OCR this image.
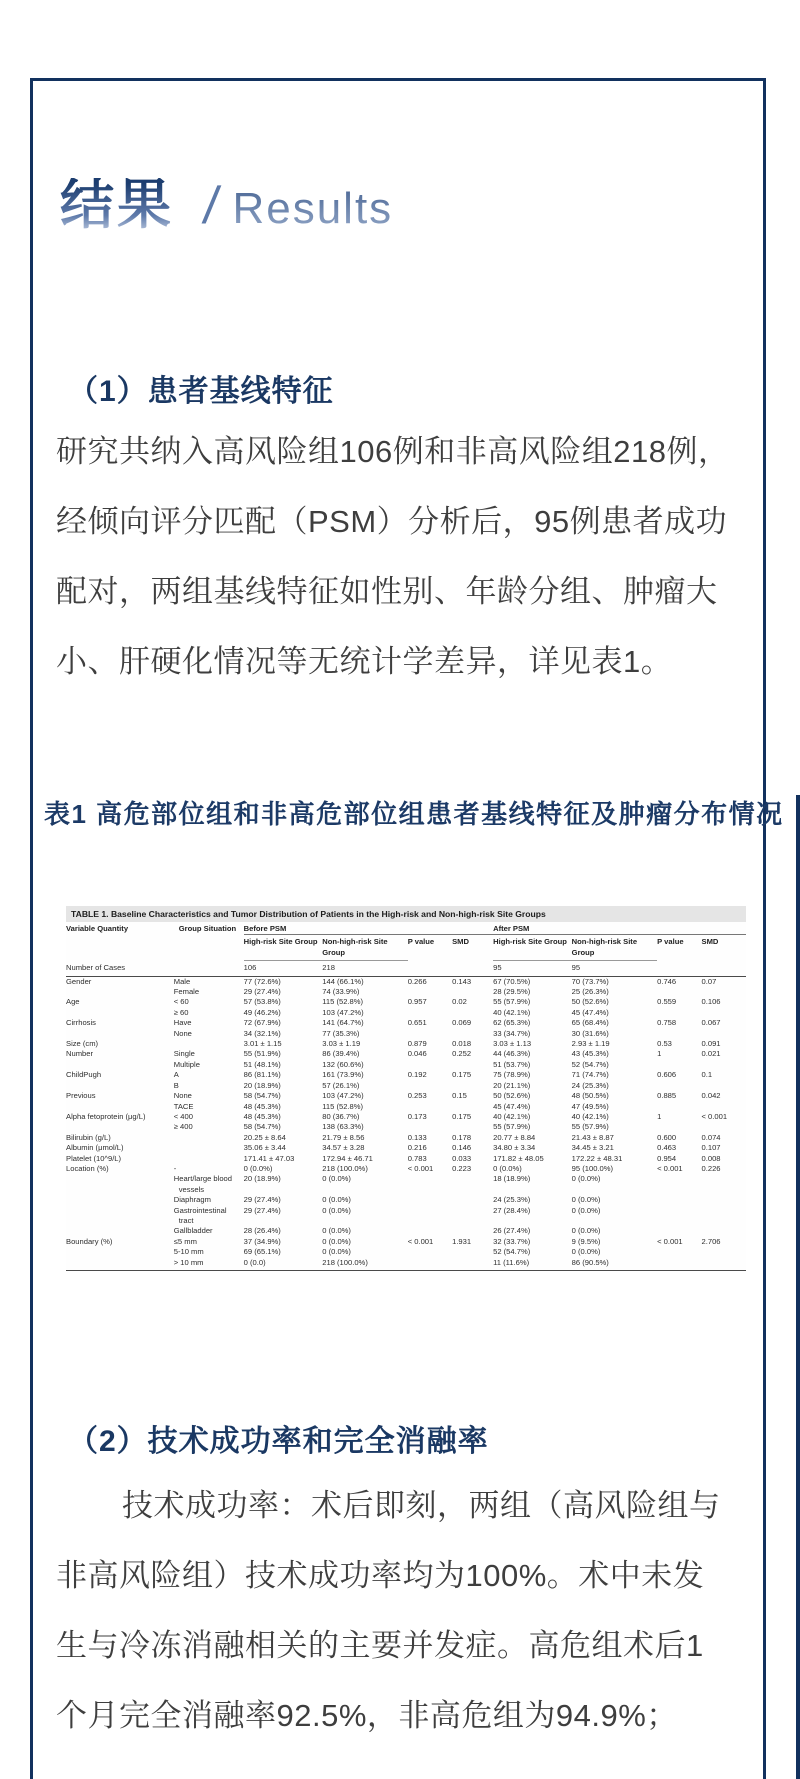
结果 / Results
（1）患者基线特征
研究共纳入高风险组106例和非高风险组218例，
经倾向评分匹配（PSM）分析后，95例患者成功
配对，两组基线特征如性别、年龄分组、肿瘤大
小、肝硬化情况等无统计学差异，详见表1。
表1 高危部位组和非高危部位组患者基线特征及肿瘤分布情况
TABLE 1. Baseline Characteristics and Tumor Distribution of Patients in the High-risk and Non-high-risk Site Groups
Variable Quantity	Group Situation	Before PSM				After PSM			
		High-risk Site Group	Non-high-risk Site Group	P value	SMD	High-risk Site Group	Non-high-risk Site Group	P value	SMD
Number of Cases		106	218			95	95		
Gender	Male	77 (72.6%)	144 (66.1%)	0.266	0.143	67 (70.5%)	70 (73.7%)	0.746	0.07
	Female	29 (27.4%)	74 (33.9%)			28 (29.5%)	25 (26.3%)		
Age	< 60	57 (53.8%)	115 (52.8%)	0.957	0.02	55 (57.9%)	50 (52.6%)	0.559	0.106
	≥ 60	49 (46.2%)	103 (47.2%)			40 (42.1%)	45 (47.4%)		
Cirrhosis	Have	72 (67.9%)	141 (64.7%)	0.651	0.069	62 (65.3%)	65 (68.4%)	0.758	0.067
	None	34 (32.1%)	77 (35.3%)			33 (34.7%)	30 (31.6%)		
Size (cm)		3.01 ± 1.15	3.03 ± 1.19	0.879	0.018	3.03 ± 1.13	2.93 ± 1.19	0.53	0.091
Number	Single	55 (51.9%)	86 (39.4%)	0.046	0.252	44 (46.3%)	43 (45.3%)	1	0.021
	Multiple	51 (48.1%)	132 (60.6%)			51 (53.7%)	52 (54.7%)		
ChildPugh	A	86 (81.1%)	161 (73.9%)	0.192	0.175	75 (78.9%)	71 (74.7%)	0.606	0.1
	B	20 (18.9%)	57 (26.1%)			20 (21.1%)	24 (25.3%)		
Previous	None	58 (54.7%)	103 (47.2%)	0.253	0.15	50 (52.6%)	48 (50.5%)	0.885	0.042
	TACE	48 (45.3%)	115 (52.8%)			45 (47.4%)	47 (49.5%)		
Alpha fetoprotein (μg/L)	< 400	48 (45.3%)	80 (36.7%)	0.173	0.175	40 (42.1%)	40 (42.1%)	1	< 0.001
	≥ 400	58 (54.7%)	138 (63.3%)			55 (57.9%)	55 (57.9%)		
Bilirubin (g/L)		20.25 ± 8.64	21.79 ± 8.56	0.133	0.178	20.77 ± 8.84	21.43 ± 8.87	0.600	0.074
Albumin (μmol/L)		35.06 ± 3.44	34.57 ± 3.28	0.216	0.146	34.80 ± 3.34	34.45 ± 3.21	0.463	0.107
Platelet (10^9/L)		171.41 ± 47.03	172.94 ± 46.71	0.783	0.033	171.82 ± 48.05	172.22 ± 48.31	0.954	0.008
Location (%)	-	0 (0.0%)	218 (100.0%)	< 0.001	0.223	0 (0.0%)	95 (100.0%)	< 0.001	0.226
	Heart/large blood vessels	20 (18.9%)	0 (0.0%)			18 (18.9%)	0 (0.0%)		
	Diaphragm	29 (27.4%)	0 (0.0%)			24 (25.3%)	0 (0.0%)		
	Gastrointestinal tract	29 (27.4%)	0 (0.0%)			27 (28.4%)	0 (0.0%)		
	Gallbladder	28 (26.4%)	0 (0.0%)			26 (27.4%)	0 (0.0%)		
Boundary (%)	≤5 mm	37 (34.9%)	0 (0.0%)	< 0.001	1.931	32 (33.7%)	9 (9.5%)	< 0.001	2.706
	5-10 mm	69 (65.1%)	0 (0.0%)			52 (54.7%)	0 (0.0%)		
	> 10 mm	0 (0.0)	218 (100.0%)			11 (11.6%)	86 (90.5%)		
（2）技术成功率和完全消融率
技术成功率：术后即刻，两组（高风险组与
非高风险组）技术成功率均为100%。术中未发
生与冷冻消融相关的主要并发症。高危组术后1
个月完全消融率92.5%，非高危组为94.9%；
